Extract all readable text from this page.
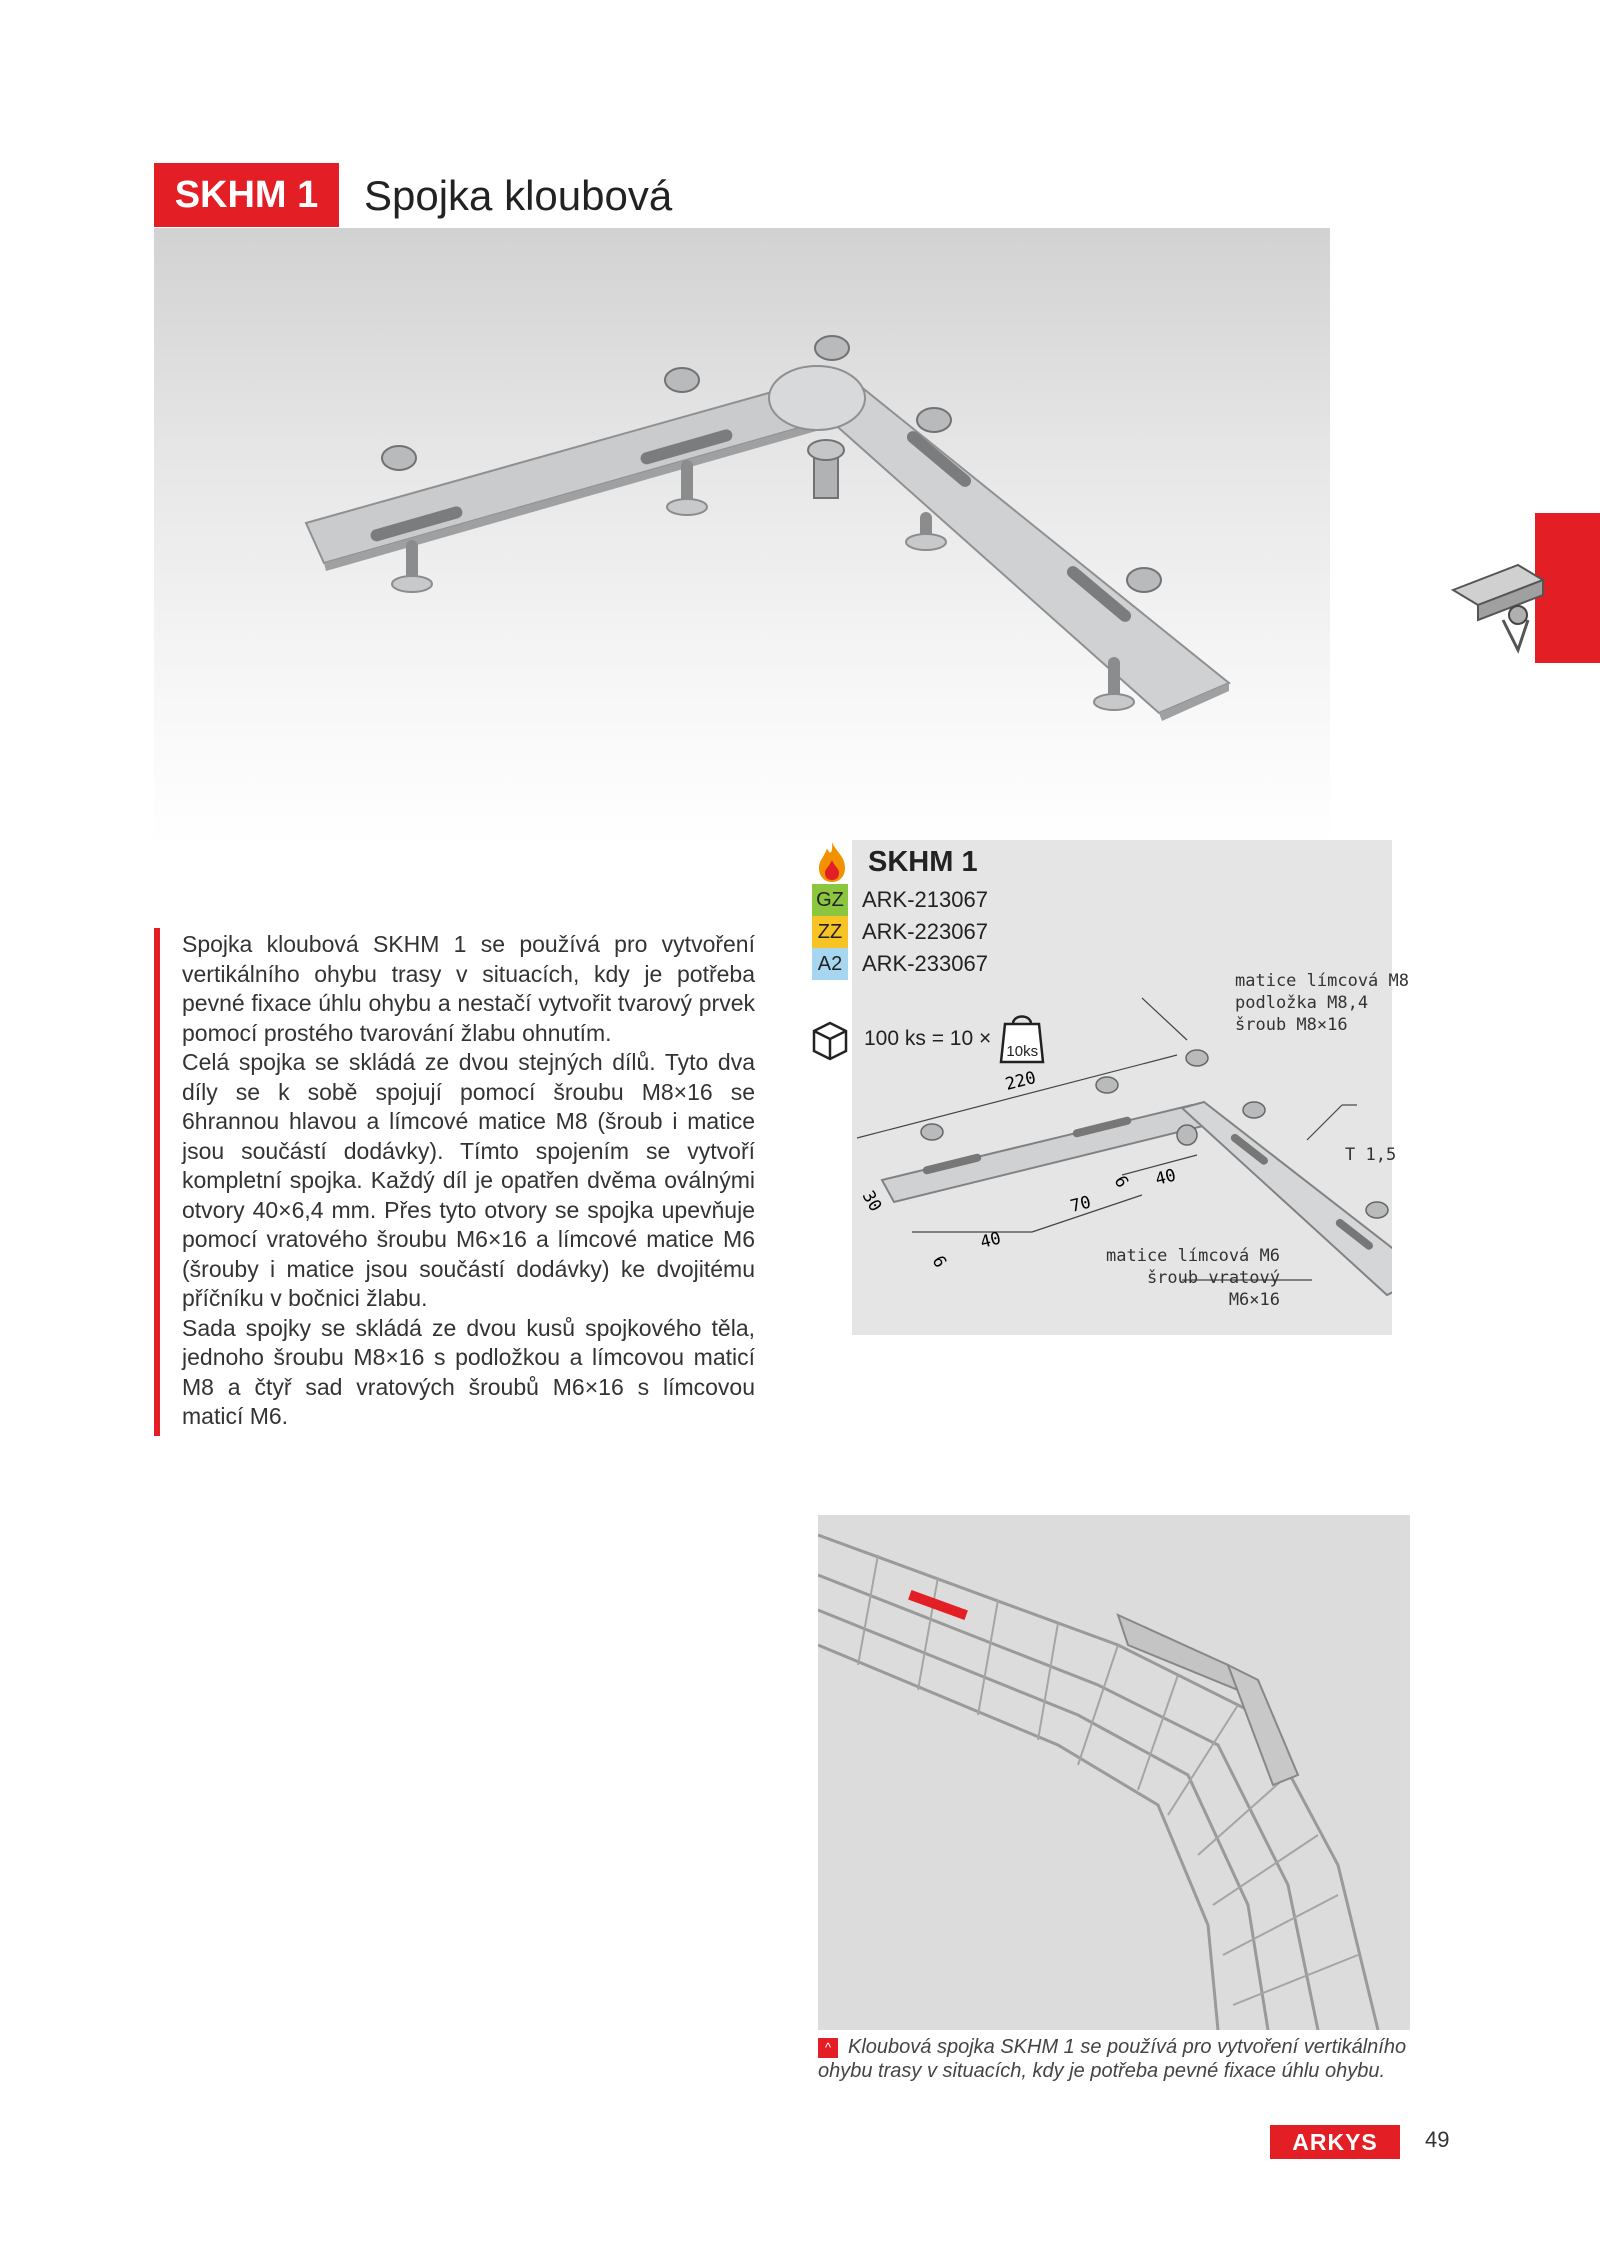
SKHM 1	Spojka kloubová

Spojka kloubová SKHM 1 se používá pro vytvoření vertikálního ohybu trasy v situacích, kdy je potřeba pevné fixace úhlu ohybu a nestačí vytvořit tvarový prvek pomocí prostého tvarování žlabu ohnutím.

Celá spojka se skládá ze dvou stejných dílů. Tyto dva díly se k sobě spojují pomocí šroubu M8×16 se 6hrannou hlavou a límcové matice M8 (šroub i matice jsou součástí dodávky). Tímto spojením se vytvoří kompletní spojka. Každý díl je opatřen dvěma oválnými otvory 40×6,4 mm. Přes tyto otvory se spojka upevňuje pomocí vratového šroubu M6×16 a límcové matice M6 (šrouby i matice jsou součástí dodávky) ke dvojitému příčníku v bočnici žlabu.

Sada spojky se skládá ze dvou kusů spojkového těla, jednoho šroubu M8×16 s podložkou a límcovou maticí M8 a čtyř sad vratových šroubů M6×16 s límcovou maticí M6.

220
30
40
6
70
40
6
SKHM 1
GZ ARK-213067
ZZ ARK-223067
A2 ARK-233067
100 ks = 10 ×
10ks
matice límcová M8
podložka M8,4
šroub M8×16
T 1,5
matice límcová M6
šroub vratový M6×16
^ Kloubová spojka SKHM 1 se používá pro vytvoření vertikálního ohybu trasy v situacích, kdy je potřeba pevné fixace úhlu ohybu.
ARKYS	49
